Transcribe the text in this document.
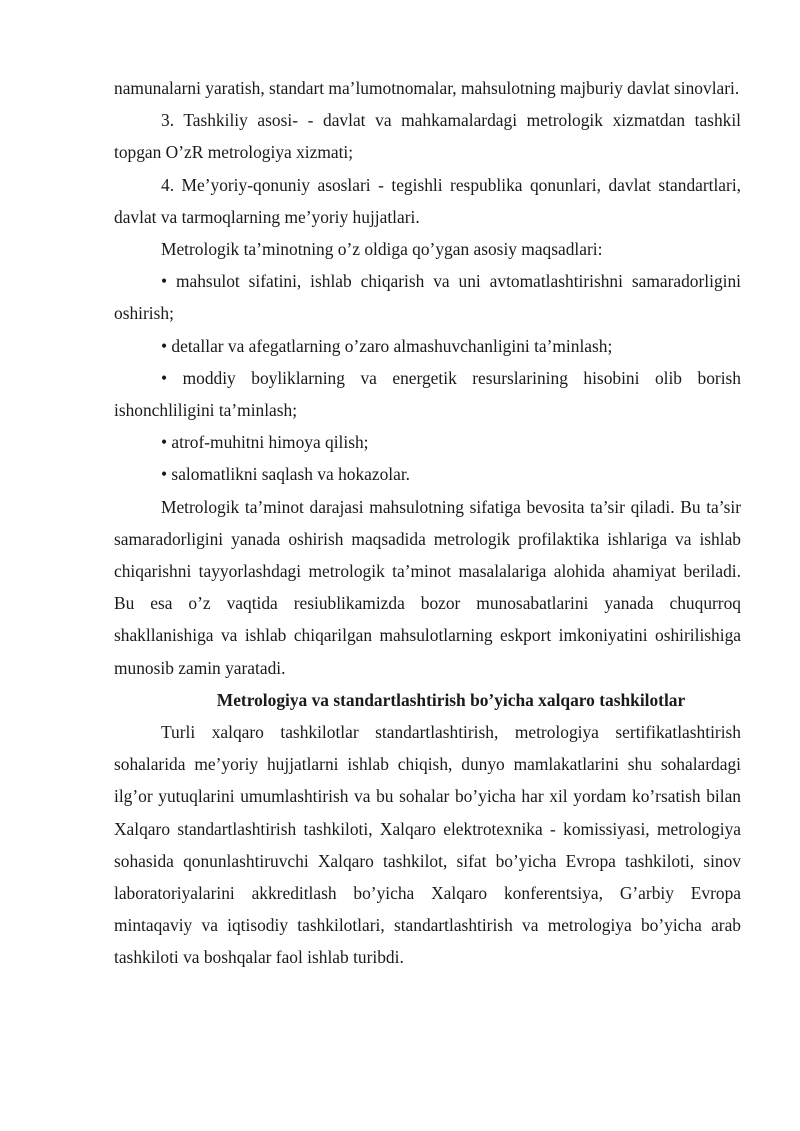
namunalarni yaratish, standart ma’lumotnomalar, mahsulotning majburiy davlat sinovlari.

3. Tashkiliy asosi- - davlat va mahkamalardagi metrologik xizmatdan tashkil topgan O’zR metrologiya xizmati;

4. Me’yoriy-qonuniy asoslari - tegishli respublika qonunlari, davlat standartlari, davlat va tarmoqlarning me’yoriy hujjatlari.

Metrologik ta’minotning o’z oldiga qo’ygan asosiy maqsadlari:

• mahsulot sifatini, ishlab chiqarish va uni avtomatlashtirishni samaradorligini oshirish;

• detallar va afegatlarning o’zaro almashuvchanligini ta’minlash;

• moddiy boyliklarning va energetik resurslarining hisobini olib borish ishonchliligini ta’minlash;

• atrof-muhitni himoya qilish;

• salomatlikni saqlash va hokazolar.

Metrologik ta’minot darajasi mahsulotning sifatiga bevosita ta’sir qiladi. Bu ta’sir samaradorligini yanada oshirish maqsadida metrologik profilaktika ishlariga va ishlab chiqarishni tayyorlashdagi metrologik ta’minot masalalariga alohida ahamiyat beriladi. Bu esa o’z vaqtida resiublikamizda bozor munosabatlarini yanada chuqurroq shakllanishiga va ishlab chiqarilgan mahsulotlarning eskport imkoniyatini oshirilishiga munosib zamin yaratadi.

Metrologiya va standartlashtirish bo’yicha xalqaro tashkilotlar

Turli xalqaro tashkilotlar standartlashtirish, metrologiya sertifikatlashtirish sohalarida me’yoriy hujjatlarni ishlab chiqish, dunyo mamlakatlarini shu sohalardagi ilg’or yutuqlarini umumlashtirish va bu sohalar bo’yicha har xil yordam ko’rsatish bilan Xalqaro standartlashtirish tashkiloti, Xalqaro elektrotexnika - komissiyasi, metrologiya sohasida qonunlashtiruvchi Xalqaro tashkilot, sifat bo’yicha Evropa tashkiloti, sinov laboratoriyalarini akkreditlash bo’yicha Xalqaro konferentsiya, G’arbiy Evropa mintaqaviy va iqtisodiy tashkilotlari, standartlashtirish va metrologiya bo’yicha arab tashkiloti va boshqalar faol ishlab turibdi.
